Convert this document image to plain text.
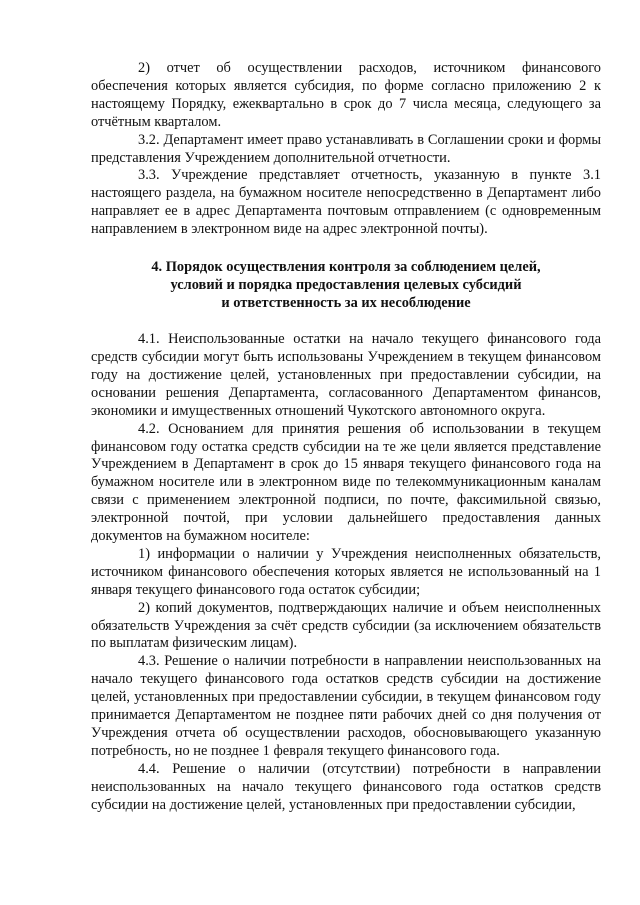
2) отчет об осуществлении расходов, источником финансового обеспечения которых является субсидия, по форме согласно приложению 2 к настоящему Порядку, ежеквартально в срок до 7 числа месяца, следующего за отчётным кварталом.

3.2. Департамент имеет право устанавливать в Соглашении сроки и формы представления Учреждением дополнительной отчетности.

3.3. Учреждение представляет отчетность, указанную в пункте 3.1 настоящего раздела, на бумажном носителе непосредственно в Департамент либо направляет ее в адрес Департамента почтовым отправлением (с одновременным направлением в электронном виде на адрес электронной почты).

4. Порядок осуществления контроля за соблюдением целей,
условий и порядка предоставления целевых субсидий
и ответственность за их несоблюдение

4.1. Неиспользованные остатки на начало текущего финансового года средств субсидии могут быть использованы Учреждением в текущем финансовом году на достижение целей, установленных при предоставлении субсидии, на основании решения Департамента, согласованного Департаментом финансов, экономики и имущественных отношений Чукотского автономного округа.

4.2. Основанием для принятия решения об использовании в текущем финансовом году остатка средств субсидии на те же цели является представление Учреждением в Департамент в срок до 15 января текущего финансового года на бумажном носителе или в электронном виде по телекоммуникационным каналам связи с применением электронной подписи, по почте, факсимильной связью, электронной почтой, при условии дальнейшего предоставления данных документов на бумажном носителе:

1) информации о наличии у Учреждения неисполненных обязательств, источником финансового обеспечения которых является не использованный на 1 января текущего финансового года остаток субсидии;

2) копий документов, подтверждающих наличие и объем неисполненных обязательств Учреждения за счёт средств субсидии (за исключением обязательств по выплатам физическим лицам).

4.3. Решение о наличии потребности в направлении неиспользованных на начало текущего финансового года остатков средств субсидии на достижение целей, установленных при предоставлении субсидии, в текущем финансовом году принимается Департаментом не позднее пяти рабочих дней со дня получения от Учреждения отчета об осуществлении расходов, обосновывающего указанную потребность, но не позднее 1 февраля текущего финансового года.

4.4. Решение о наличии (отсутствии) потребности в направлении неиспользованных на начало текущего финансового года остатков средств субсидии на достижение целей, установленных при предоставлении субсидии,
